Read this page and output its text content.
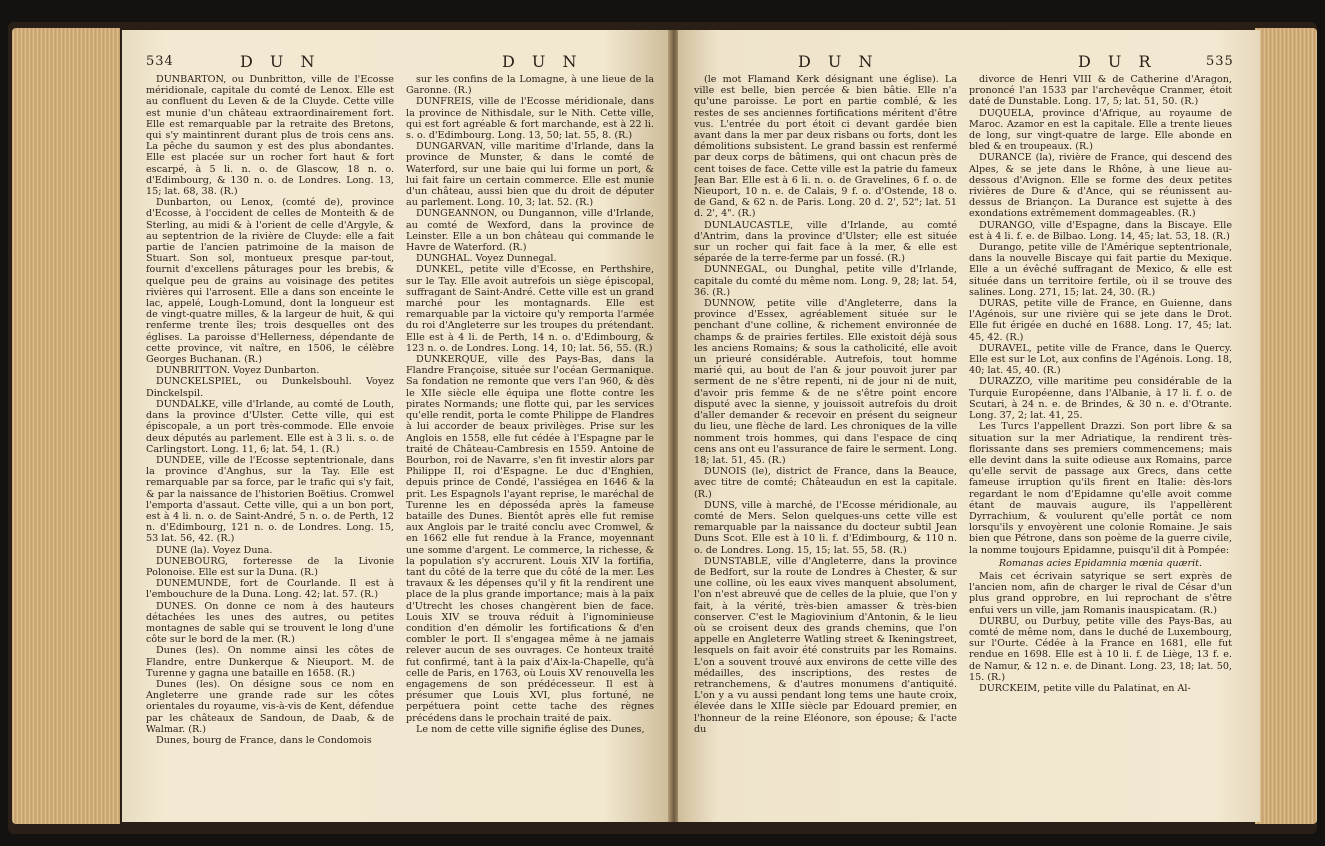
534	D U N	D U N

DUNBARTON, ou Dunbritton, ville de l'Ecosse méridionale, capitale du comté de Lenox. Elle est au confluent du Leven & de la Cluyde. Cette ville est munie d'un château extraordinairement fort. Elle est remarquable par la retraite des Bretons, qui s'y maintinrent durant plus de trois cens ans. La pêche du saumon y est des plus abondantes. Elle est placée sur un rocher fort haut & fort escarpé, à 5 li. n. o. de Glascow, 18 n. o. d'Edimbourg, & 130 n. o. de Londres. Long. 13, 15; lat. 68, 38. (R.)

Dunbarton, ou Lenox, (comté de), province d'Ecosse, à l'occident de celles de Monteith & de Sterling, au midi & à l'orient de celle d'Argyle, & au septentrion de la rivière de Cluyde: elle a fait partie de l'ancien patrimoine de la maison de Stuart. Son sol, montueux presque par-tout, fournit d'excellens pâturages pour les brebis, & quelque peu de grains au voisinage des petites rivières qui l'arrosent. Elle a dans son enceinte le lac, appelé, Lough-Lomund, dont la longueur est de vingt-quatre milles, & la largeur de huit, & qui renferme trente îles; trois desquelles ont des églises. La paroisse d'Hellerness, dépendante de cette province, vit naître, en 1506, le célèbre Georges Buchanan. (R.)

DUNBRITTON. Voyez Dunbarton.

DUNCKELSPIEL, ou Dunkelsbouhl. Voyez Dinckelspil.

DUNDALKE, ville d'Irlande, au comté de Louth, dans la province d'Ulster. Cette ville, qui est épiscopale, a un port très-commode. Elle envoie deux députés au parlement. Elle est à 3 li. s. o. de Carlingstort. Long. 11, 6; lat. 54, 1. (R.)

DUNDEE, ville de l'Ecosse septentrionale, dans la province d'Anghus, sur la Tay. Elle est remarquable par sa force, par le trafic qui s'y fait, & par la naissance de l'historien Boëtius. Cromwel l'emporta d'assaut. Cette ville, qui a un bon port, est à 4 li. n. o. de Saint-André, 5 n. o. de Perth, 12 n. d'Edimbourg, 121 n. o. de Londres. Long. 15, 53 lat. 56, 42. (R.)

DUNE (la). Voyez Duna.

DUNEBOURG, forteresse de la Livonie Polonoise. Elle est sur la Duna. (R.)

DUNEMUNDE, fort de Courlande. Il est à l'embouchure de la Duna. Long. 42; lat. 57. (R.)

DUNES. On donne ce nom à des hauteurs détachées les unes des autres, ou petites montagnes de sable qui se trouvent le long d'une côte sur le bord de la mer. (R.)

Dunes (les). On nomme ainsi les côtes de Flandre, entre Dunkerque & Nieuport. M. de Turenne y gagna une bataille en 1658. (R.)

Dunes (les). On désigne sous ce nom en Angleterre une grande rade sur les côtes orientales du royaume, vis-à-vis de Kent, défendue par les châteaux de Sandoun, de Daab, & de Walmar. (R.)

Dunes, bourg de France, dans le Condomois

sur les confins de la Lomagne, à une lieue de la Garonne. (R.)

DUNFREIS, ville de l'Ecosse méridionale, dans la province de Nithisdale, sur le Nith. Cette ville, qui est fort agréable & fort marchande, est à 22 li. s. o. d'Edimbourg. Long. 13, 50; lat. 55, 8. (R.)

DUNGARVAN, ville maritime d'Irlande, dans la province de Munster, & dans le comté de Waterford, sur une baie qui lui forme un port, & lui fait faire un certain commerce. Elle est munie d'un château, aussi bien que du droit de députer au parlement. Long. 10, 3; lat. 52. (R.)

DUNGEANNON, ou Dungannon, ville d'Irlande, au comté de Wexford, dans la province de Leinster. Elle a un bon château qui commande le Havre de Waterford. (R.)

DUNGHAL. Voyez Dunnegal.

DUNKEL, petite ville d'Ecosse, en Perthshire, sur le Tay. Elle avoit autrefois un siège épiscopal, suffragant de Saint-André. Cette ville est un grand marché pour les montagnards. Elle est remarquable par la victoire qu'y remporta l'armée du roi d'Angleterre sur les troupes du prétendant. Elle est à 4 li. de Perth, 14 n. o. d'Edimbourg, & 123 n. o. de Londres. Long. 14, 10; lat. 56, 55. (R.)

DUNKERQUE, ville des Pays-Bas, dans la Flandre Françoise, située sur l'océan Germanique. Sa fondation ne remonte que vers l'an 960, & dès le XIIe siècle elle équipa une flotte contre les pirates Normands; une flotte qui, par les services qu'elle rendit, porta le comte Philippe de Flandres à lui accorder de beaux privilèges. Prise sur les Anglois en 1558, elle fut cédée à l'Espagne par le traité de Château-Cambresis en 1559. Antoine de Bourbon, roi de Navarre, s'en fit investir alors par Philippe II, roi d'Espagne. Le duc d'Enghien, depuis prince de Condé, l'assiégea en 1646 & la prit. Les Espagnols l'ayant reprise, le maréchal de Turenne les en dépossédа après la fameuse bataille des Dunes. Bientôt après elle fut remise aux Anglois par le traité conclu avec Cromwel, & en 1662 elle fut rendue à la France, moyennant une somme d'argent. Le commerce, la richesse, & la population s'y accrurent. Louis XIV la fortifia, tant du côté de la terre que du côté de la mer. Les travaux & les dépenses qu'il y fit la rendirent une place de la plus grande importance; mais à la paix d'Utrecht les choses changèrent bien de face. Louis XIV se trouva réduit à l'ignominieuse condition d'en démolir les fortifications & d'en combler le port. Il s'engagea même à ne jamais relever aucun de ses ouvrages. Ce honteux traité fut confirmé, tant à la paix d'Aix-la-Chapelle, qu'à celle de Paris, en 1763, où Louis XV renouvella les engagemens de son prédécesseur. Il est à présumer que Louis XVI, plus fortuné, ne perpétuera point cette tache des règnes précédens dans le prochain traité de paix.

Le nom de cette ville signifie église des Dunes,

D U N	D U R	535

(le mot Flamand Kerk désignant une église). La ville est belle, bien percée & bien bâtie. Elle n'a qu'une paroisse. Le port en partie comblé, & les restes de ses anciennes fortifications méritent d'être vus. L'entrée du port étoit ci devant gardée bien avant dans la mer par deux risbans ou forts, dont les démolitions subsistent. Le grand bassin est renfermé par deux corps de bâtimens, qui ont chacun près de cent toises de face. Cette ville est la patrie du fameux Jean Bar. Elle est à 6 li. n. o. de Gravelines, 6 f. o. de Nieuport, 10 n. e. de Calais, 9 f. o. d'Ostende, 18 o. de Gand, & 62 n. de Paris. Long. 20 d. 2', 52"; lat. 51 d. 2', 4". (R.)

DUNLAUCASTLE, ville d'Irlande, au comté d'Antrim, dans la province d'Ulster; elle est située sur un rocher qui fait face à la mer, & elle est séparée de la terre-ferme par un fossé. (R.)

DUNNEGAL, ou Dunghal, petite ville d'Irlande, capitale du comté du même nom. Long. 9, 28; lat. 54, 36. (R.)

DUNNOW, petite ville d'Angleterre, dans la province d'Essex, agréablement située sur le penchant d'une colline, & richement environnée de champs & de prairies fertiles. Elle existoit déjà sous les anciens Romains; & sous la catholicité, elle avoit un prieuré considérable. Autrefois, tout homme marié qui, au bout de l'an & jour pouvoit jurer par serment de ne s'être repenti, ni de jour ni de nuit, d'avoir pris femme & de ne s'être point encore disputé avec la sienne, y jouissoit autrefois du droit d'aller demander & recevoir en présent du seigneur du lieu, une flèche de lard. Les chroniques de la ville nomment trois hommes, qui dans l'espace de cinq cens ans ont eu l'assurance de faire le serment. Long. 18; lat. 51, 45. (R.)

DUNOIS (le), district de France, dans la Beauce, avec titre de comté; Châteaudun en est la capitale. (R.)

DUNS, ville à marché, de l'Ecosse méridionale, au comté de Mers. Selon quelques-uns cette ville est remarquable par la naissance du docteur subtil Jean Duns Scot. Elle est à 10 li. f. d'Edimbourg, & 110 n. o. de Londres. Long. 15, 15; lat. 55, 58. (R.)

DUNSTABLE, ville d'Angleterre, dans la province de Bedfort, sur la route de Londres à Chester, & sur une colline, où les eaux vives manquent absolument, l'on n'est abreuvé que de celles de la pluie, que l'on y fait, à la vérité, très-bien amasser & très-bien conserver. C'est le Magiovinium d'Antonin, & le lieu où se croisent deux des grands chemins, que l'on appelle en Angleterre Watling street & Ikeningstreet, lesquels on fait avoir été construits par les Romains. L'on a souvent trouvé aux environs de cette ville des médailles, des inscriptions, des restes de retranchemens, & d'autres monumens d'antiquité. L'on y a vu aussi pendant long tems une haute croix, élevée dans le XIIIe siècle par Edouard premier, en l'honneur de la reine Eléonore, son épouse; & l'acte du

divorce de Henri VIII & de Catherine d'Aragon, prononcé l'an 1533 par l'archevêque Cranmer, étoit daté de Dunstable. Long. 17, 5; lat. 51, 50. (R.)

DUQUELA, province d'Afrique, au royaume de Maroc. Azamor en est la capitale. Elle a trente lieues de long, sur vingt-quatre de large. Elle abonde en bled & en troupeaux. (R.)

DURANCE (la), rivière de France, qui descend des Alpes, & se jete dans le Rhône, à une lieue au-dessous d'Avignon. Elle se forme des deux petites rivières de Dure & d'Ance, qui se réunissent au-dessus de Briançon. La Durance est sujette à des exondations extrêmement dommageables. (R.)

DURANGO, ville d'Espagne, dans la Biscaye. Elle est à 4 li. f. e. de Bilbao. Long. 14, 45; lat. 53, 18. (R.)

Durango, petite ville de l'Amérique septentrionale, dans la nouvelle Biscaye qui fait partie du Mexique. Elle a un évêché suffragant de Mexico, & elle est située dans un territoire fertile, où il se trouve des salines. Long. 271, 15; lat. 24, 30. (R.)

DURAS, petite ville de France, en Guienne, dans l'Agénois, sur une rivière qui se jete dans le Drot. Elle fut érigée en duché en 1688. Long. 17, 45; lat. 45, 42. (R.)

DURAVEL, petite ville de France, dans le Quercy. Elle est sur le Lot, aux confins de l'Agénois. Long. 18, 40; lat. 45, 40. (R.)

DURAZZO, ville maritime peu considérable de la Turquie Européenne, dans l'Albanie, à 17 li. f. o. de Scutari, à 24 n. e. de Brindes, & 30 n. e. d'Otrante. Long. 37, 2; lat. 41, 25.

Les Turcs l'appellent Drazzi. Son port libre & sa situation sur la mer Adriatique, la rendirent très-florissante dans ses premiers commencemens; mais elle devint dans la suite odieuse aux Romains, parce qu'elle servit de passage aux Grecs, dans cette fameuse irruption qu'ils firent en Italie: dès-lors regardant le nom d'Epidamne qu'elle avoit comme étant de mauvais augure, ils l'appellèrent Dyrrachium, & voulurent qu'elle portât ce nom lorsqu'ils y envoyèrent une colonie Romaine. Je sais bien que Pétrone, dans son poème de la guerre civile, la nomme toujours Epidamne, puisqu'il dit à Pompée:

Romanas acies Epidamnia mœnia quærit.

Mais cet écrivain satyrique se sert exprès de l'ancien nom, afin de charger le rival de César d'un plus grand opprobre, en lui reprochant de s'être enfui vers un ville, jam Romanis inauspicatam. (R.)

DURBU, ou Durbuy, petite ville des Pays-Bas, au comté de même nom, dans le duché de Luxembourg, sur l'Ourte. Cédée à la France en 1681, elle fut rendue en 1698. Elle est à 10 li. f. de Liège, 13 f. e. de Namur, & 12 n. e. de Dinant. Long. 23, 18; lat. 50, 15. (R.)

DURCKEIM, petite ville du Palatinat, en Al-
